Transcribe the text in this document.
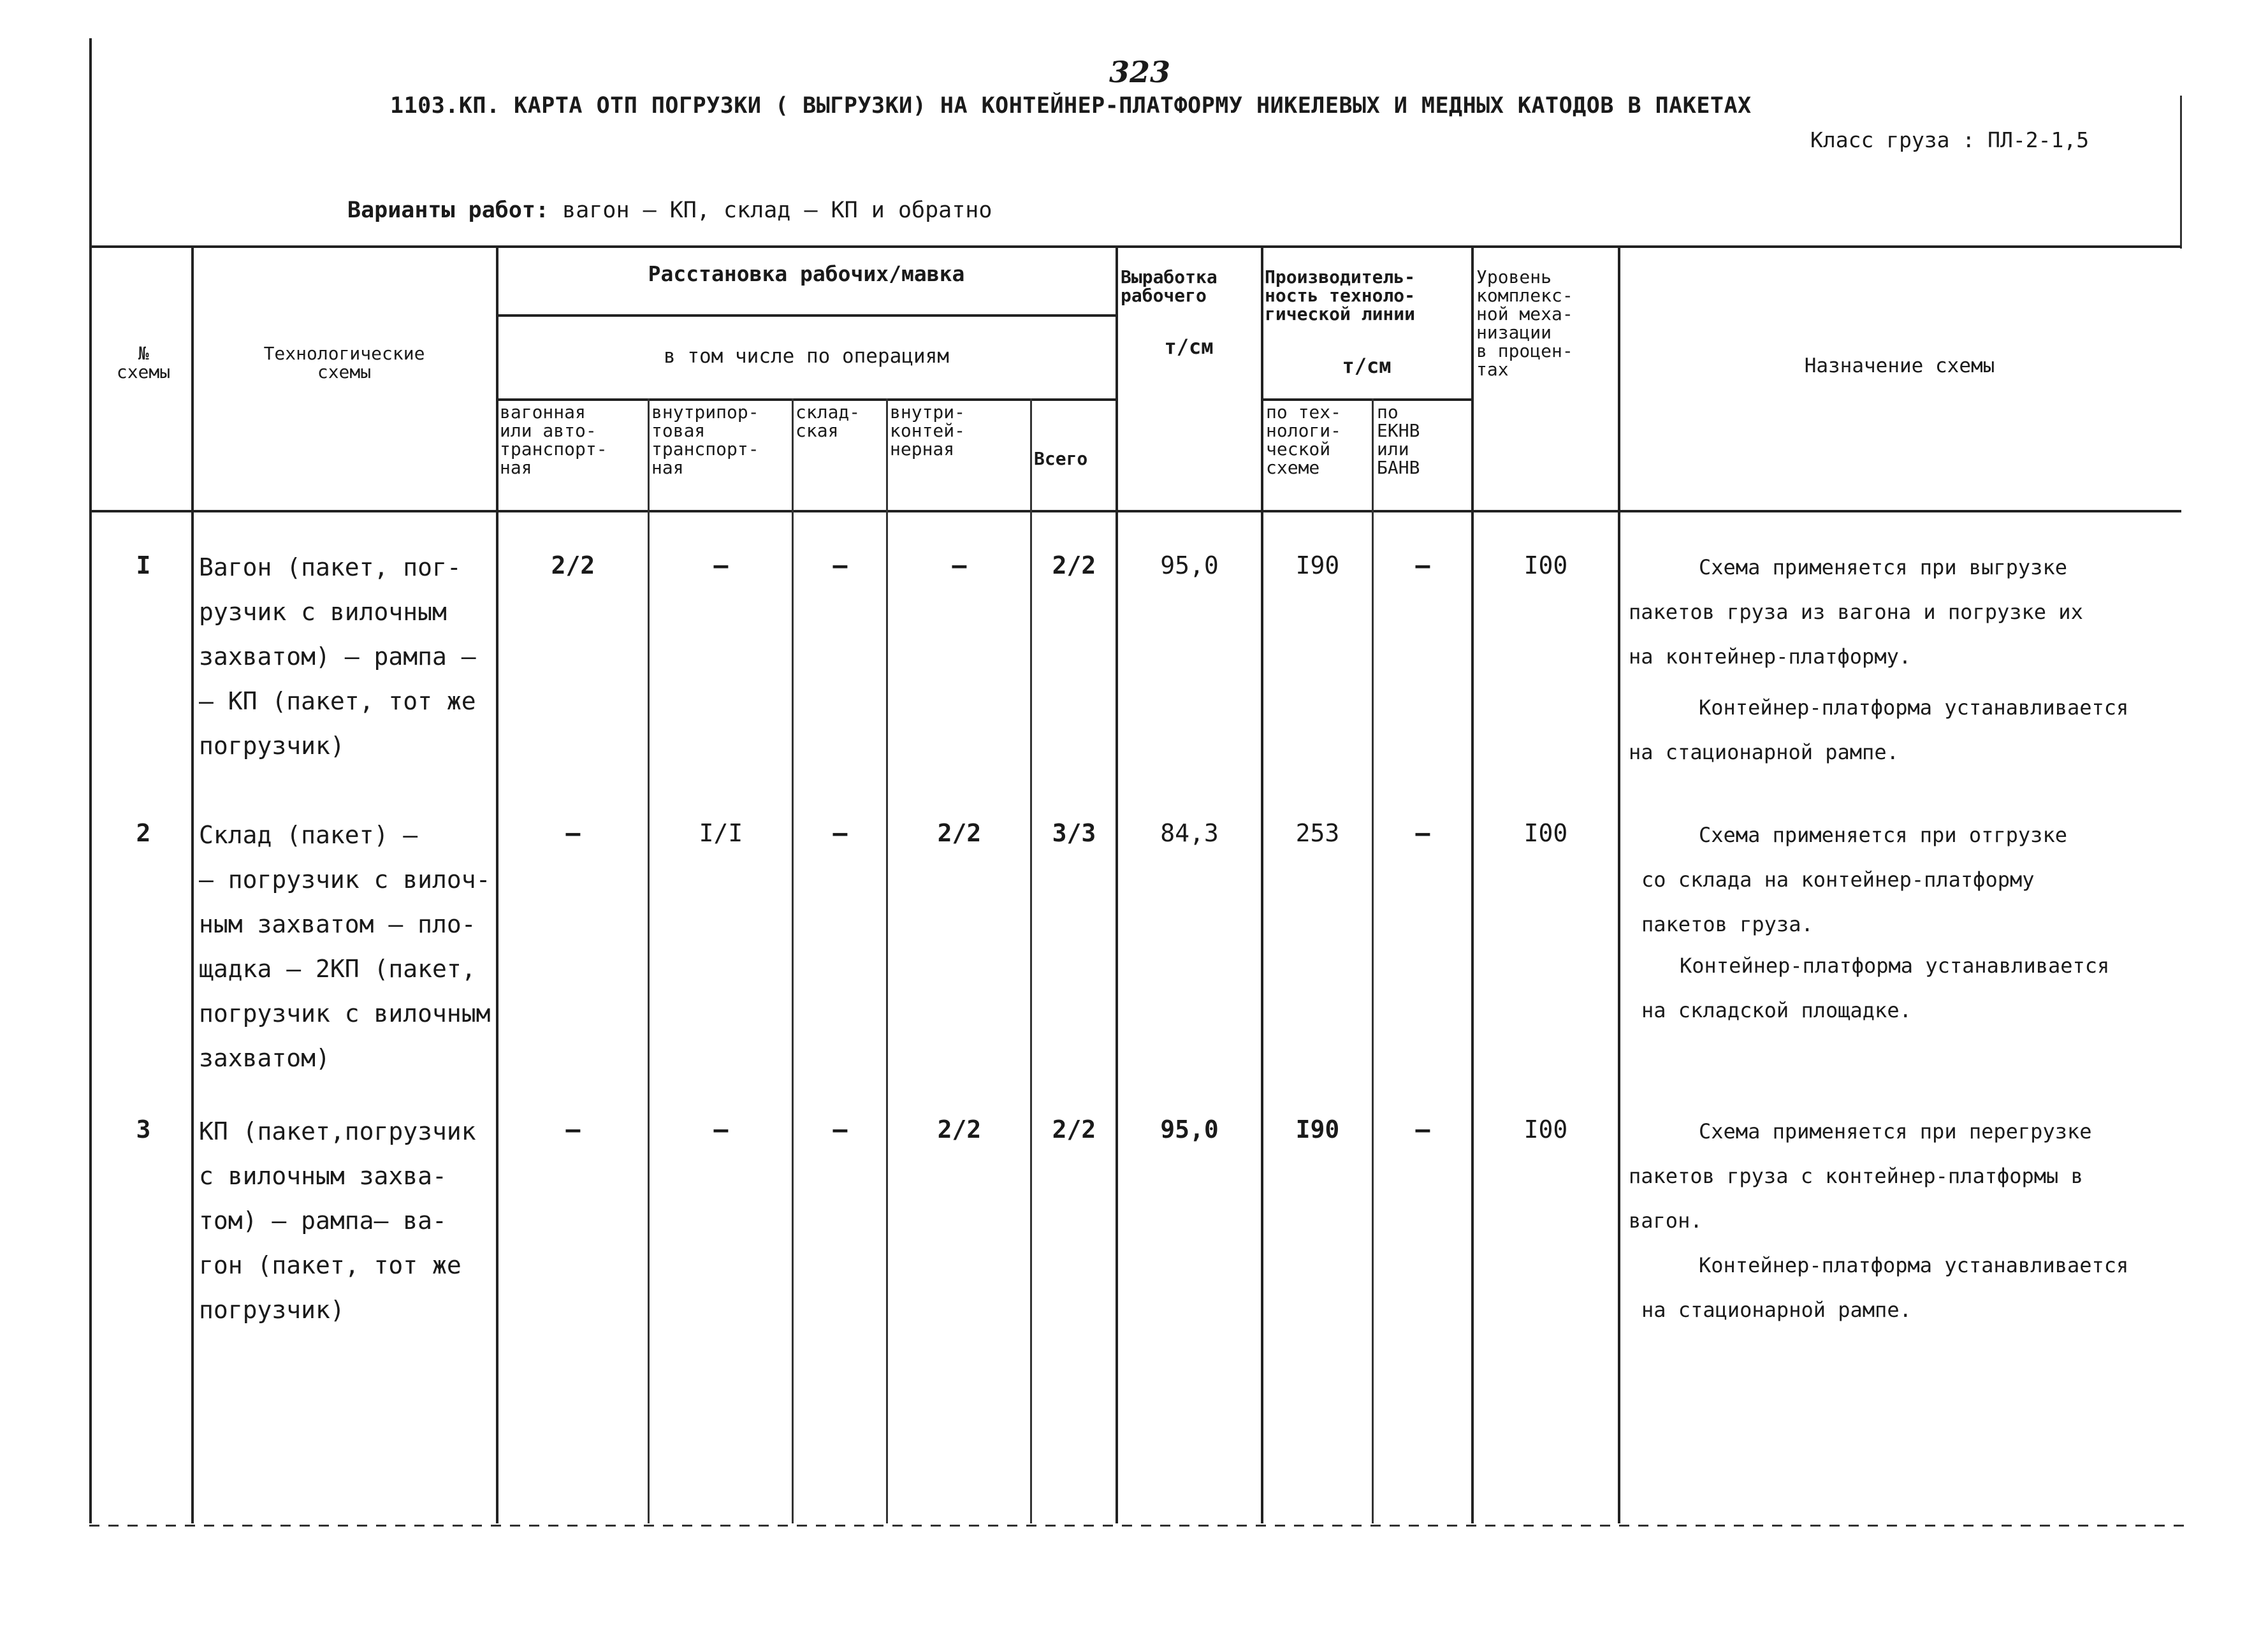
323
1103.КП. КАРТА ОТП ПОГРУЗКИ ( ВЫГРУЗКИ) НА КОНТЕЙНЕР-ПЛАТФОРМУ НИКЕЛЕВЫХ И МЕДНЫХ КАТОДОВ В ПАКЕТАХ
Класс груза : ПЛ-2-1,5
Варианты работ: вагон – КП, склад – КП и обратно
№
схемы
Технологические
схемы
Расстановка рабочих/мавка
в том числе по операциям
вагонная
или авто-
транспорт-
ная
внутрипор-
товая
транспорт-
ная
склад-
ская
внутри-
контей-
нерная	Всего
Выработка
рабочего
т/см
Производитель-
ность техноло-
гической линии
т/см
по тех-
нологи-
ческой
схеме
по
ЕКНВ
или
БАНВ
Уровень
комплекс-
ной меха-
низации
в процен-
тах	Назначение схемы
I	Вагон (пакет, пог-
рузчик с вилочным
захватом) – рампа –
– КП (пакет, тот же
погрузчик)
2/2	–	–	–	2/2	95,0	I90	–	I00	Схема применяется при выгрузке
пакетов груза из вагона и погрузке их
на контейнер-платформу.
Контейнер-платформа устанавливается
на стационарной рампе.
2	Склад (пакет) –
– погрузчик с вилоч-
ным захватом – пло-
щадка – 2КП (пакет,
погрузчик с вилочным
захватом)
–	I/I	–	2/2	3/3	84,3	253	–	I00	Схема применяется при отгрузке
со склада на контейнер-платформу
пакетов груза.
Контейнер-платформа устанавливается
на складской площадке.
3	КП (пакет,погрузчик
с вилочным захва-
том) – рампа– ва-
гон (пакет, тот же
погрузчик)
–	–	–	2/2	2/2	95,0	I90	–	I00	Схема применяется при перегрузке
пакетов груза с контейнер-платформы в
вагон.
Контейнер-платформа устанавливается
на стационарной рампе.
